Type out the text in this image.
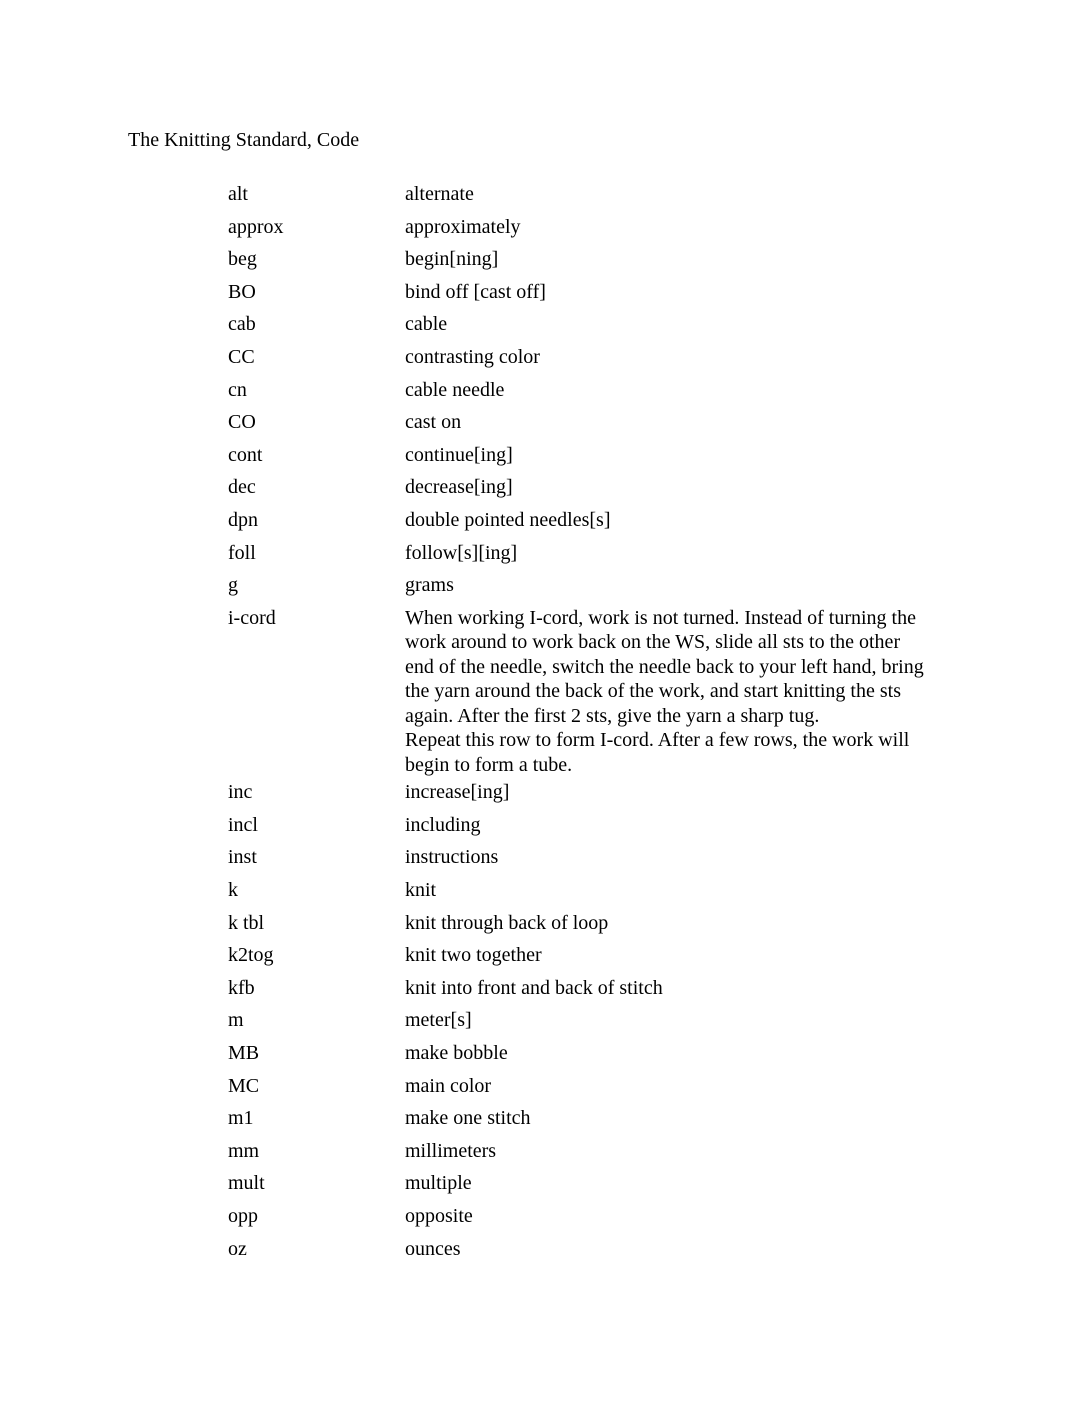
The Knitting Standard, Code
alt	alternate
approx	approximately
beg	begin[ning]
BO	bind off [cast off]
cab	cable
CC	contrasting color
cn	cable needle
CO	cast on
cont	continue[ing]
dec	decrease[ing]
dpn	double pointed needles[s]
foll	follow[s][ing]
g	grams
i-cord	When working I-cord, work is not turned. Instead of turning the
work around to work back on the WS, slide all sts to the other
end of the needle, switch the needle back to your left hand, bring
the yarn around the back of the work, and start knitting the sts
again. After the first 2 sts, give the yarn a sharp tug.
Repeat this row to form I-cord. After a few rows, the work will
begin to form a tube.
inc	increase[ing]
incl	including
inst	instructions
k	knit
k tbl	knit through back of loop
k2tog	knit two together
kfb	knit into front and back of stitch
m	meter[s]
MB	make bobble
MC	main color
m1	make one stitch
mm	millimeters
mult	multiple
opp	opposite
oz	ounces
